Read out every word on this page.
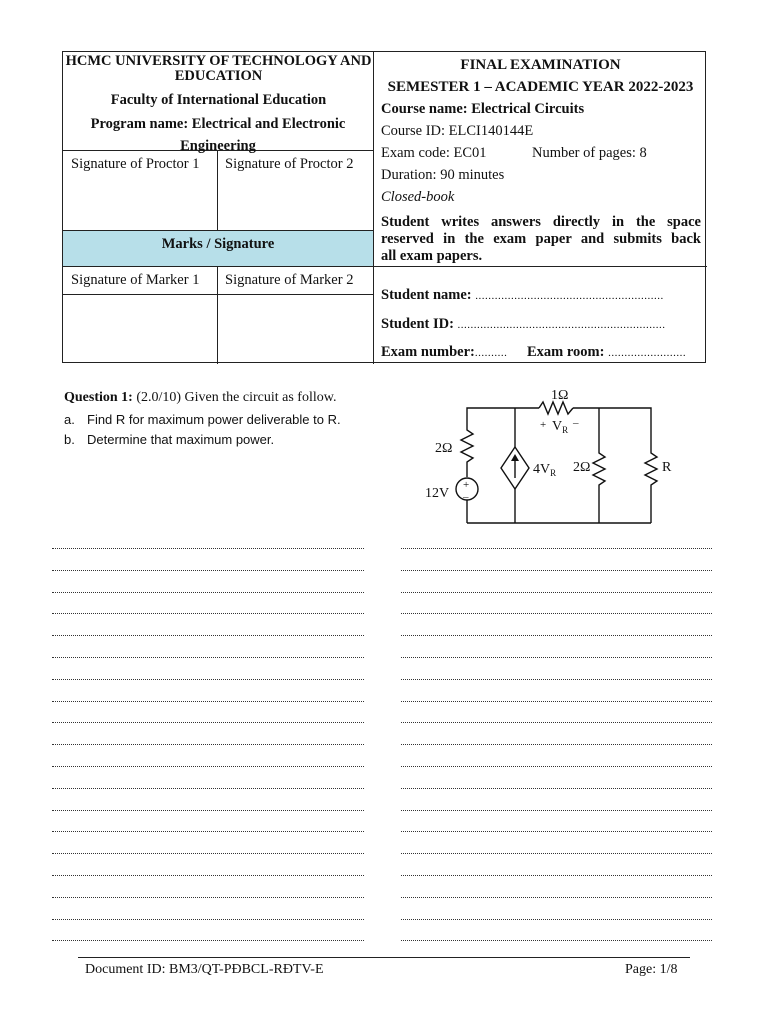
HCMC UNIVERSITY OF TECHNOLOGY AND EDUCATION
Faculty of International Education
Program name: Electrical and Electronic Engineering
Signature of Proctor 1 Signature of Proctor 2
Marks / Signature
Signature of Marker 1 Signature of Marker 2
FINAL EXAMINATION
SEMESTER 1 – ACADEMIC YEAR 2022-2023
Course name: Electrical Circuits
Course ID: ELCI140144E
Exam code: EC01	Number of pages: 8
Duration: 90 minutes
Closed-book
Student writes answers directly in the space
reserved in the exam paper and submits back
all exam papers.
Student name: ..........................................................
Student ID: ................................................................
Exam number:.......... Exam room: ........................
Question 1: (2.0/10) Given the circuit as follow.
a. Find R for maximum power deliverable to R.
b. Determine that maximum power.
1Ω
+ $V_R$
–
2Ω
12V
+
–
$4V_R$ 2Ω	R
Document ID: BM3/QT-PĐBCL-RĐTV-E	Page: 1/8
